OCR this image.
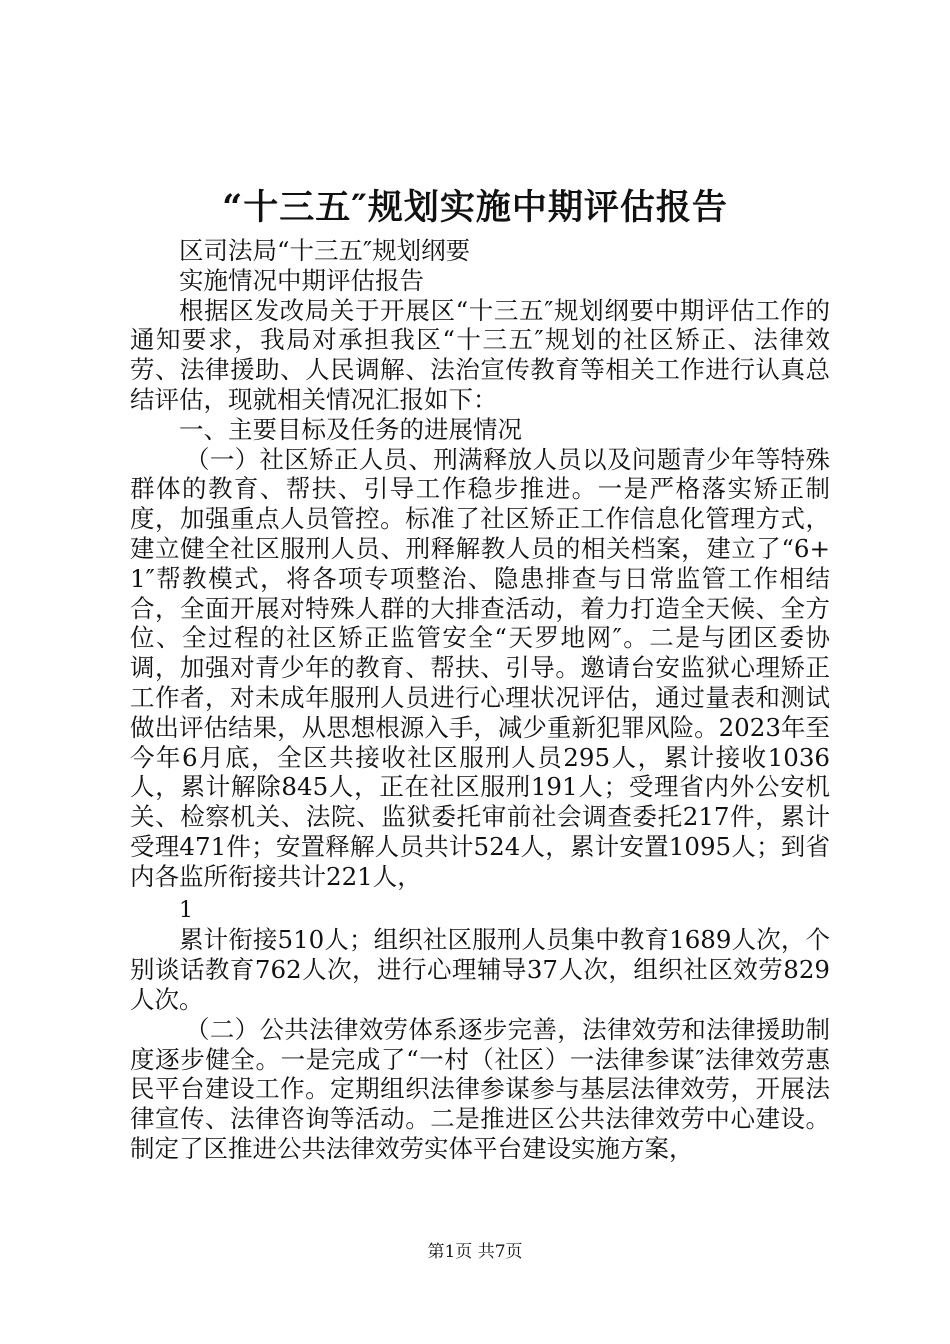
“十三五″规划实施中期评估报告

区司法局“十三五″规划纲要

实施情况中期评估报告

根据区发改局关于开展区“十三五″规划纲要中期评估工作的通知要求，我局对承担我区“十三五″规划的社区矫正、法律效劳、法律援助、人民调解、法治宣传教育等相关工作进行认真总结评估，现就相关情况汇报如下：

一、主要目标及任务的进展情况

（一）社区矫正人员、刑满释放人员以及问题青少年等特殊群体的教育、帮扶、引导工作稳步推进。一是严格落实矫正制度，加强重点人员管控。标准了社区矫正工作信息化管理方式，建立健全社区服刑人员、刑释解教人员的相关档案，建立了“6+1″帮教模式，将各项专项整治、隐患排查与日常监管工作相结合，全面开展对特殊人群的大排查活动，着力打造全天候、全方位、全过程的社区矫正监管安全“天罗地网″。二是与团区委协调，加强对青少年的教育、帮扶、引导。邀请台安监狱心理矫正工作者，对未成年服刑人员进行心理状况评估，通过量表和测试做出评估结果，从思想根源入手，减少重新犯罪风险。2023年至今年6月底，全区共接收社区服刑人员295人，累计接收1036人，累计解除845人，正在社区服刑191人；受理省内外公安机关、检察机关、法院、监狱委托审前社会调查委托217件，累计受理471件；安置释解人员共计524人，累计安置1095人；到省内各监所衔接共计221人，

1

累计衔接510人；组织社区服刑人员集中教育1689人次，个别谈话教育762人次，进行心理辅导37人次，组织社区效劳829人次。

（二）公共法律效劳体系逐步完善，法律效劳和法律援助制度逐步健全。一是完成了“一村（社区）一法律参谋″法律效劳惠民平台建设工作。定期组织法律参谋参与基层法律效劳，开展法律宣传、法律咨询等活动。二是推进区公共法律效劳中心建设。制定了区推进公共法律效劳实体平台建设实施方案，

第1页 共7页
